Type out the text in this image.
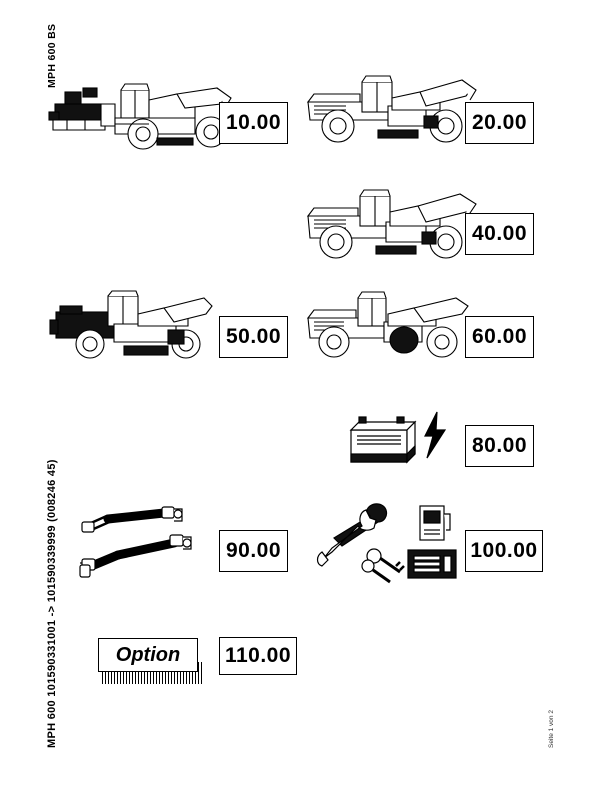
MPH 600 BS
MPH 600 101590331001 -> 101590339999 (008246 45)	Seite 1 von 2
10.00	20.00
40.00
50.00	60.00
80.00
90.00	100.00
Option	110.00
